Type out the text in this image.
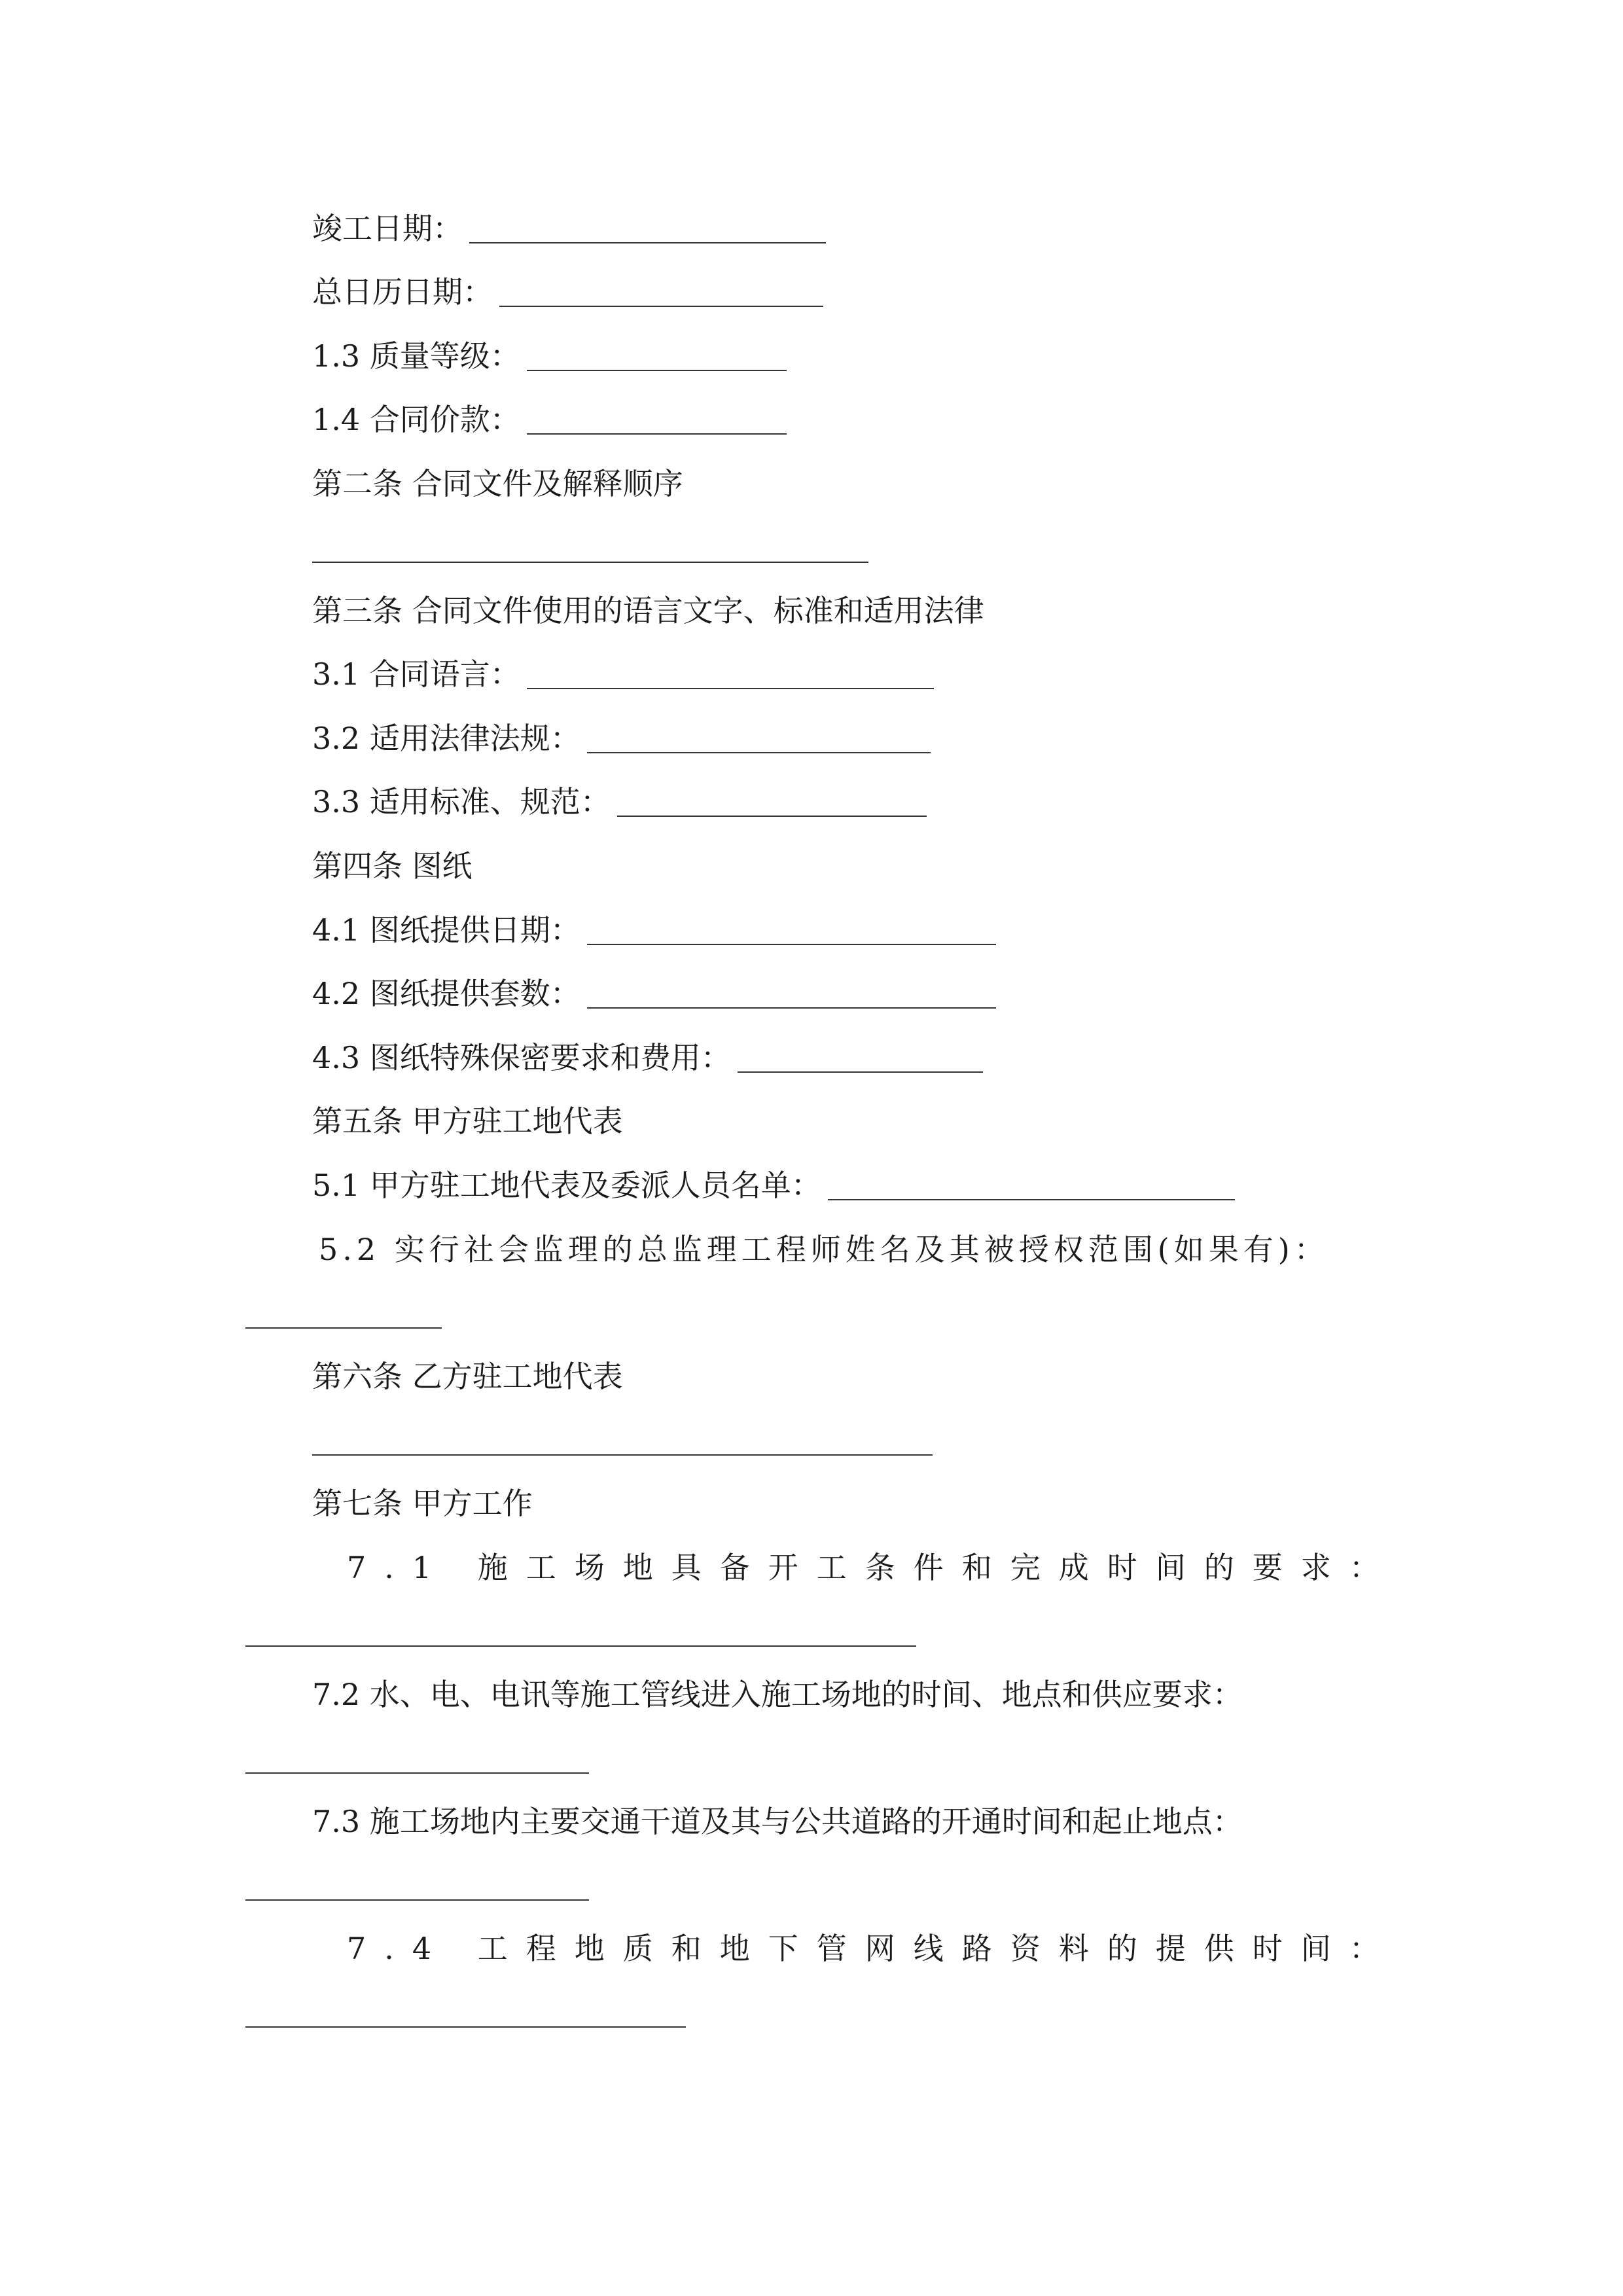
竣工日期：
总日历日期：
1.3 质量等级：
1.4 合同价款：
第二条 合同文件及解释顺序
第三条 合同文件使用的语言文字、标准和适用法律
3.1 合同语言：
3.2 适用法律法规：
3.3 适用标准、规范：
第四条 图纸
4.1 图纸提供日期：
4.2 图纸提供套数：
4.3 图纸特殊保密要求和费用：
第五条 甲方驻工地代表
5.1 甲方驻工地代表及委派人员名单：
5.2 实行社会监理的总监理工程师姓名及其被授权范围(如果有)：
第六条 乙方驻工地代表
第七条 甲方工作
7.1 施工场地具备开工条件和完成时间的要求：
7.2 水、电、电讯等施工管线进入施工场地的时间、地点和供应要求：
7.3 施工场地内主要交通干道及其与公共道路的开通时间和起止地点：
7.4 工程地质和地下管网线路资料的提供时间：
